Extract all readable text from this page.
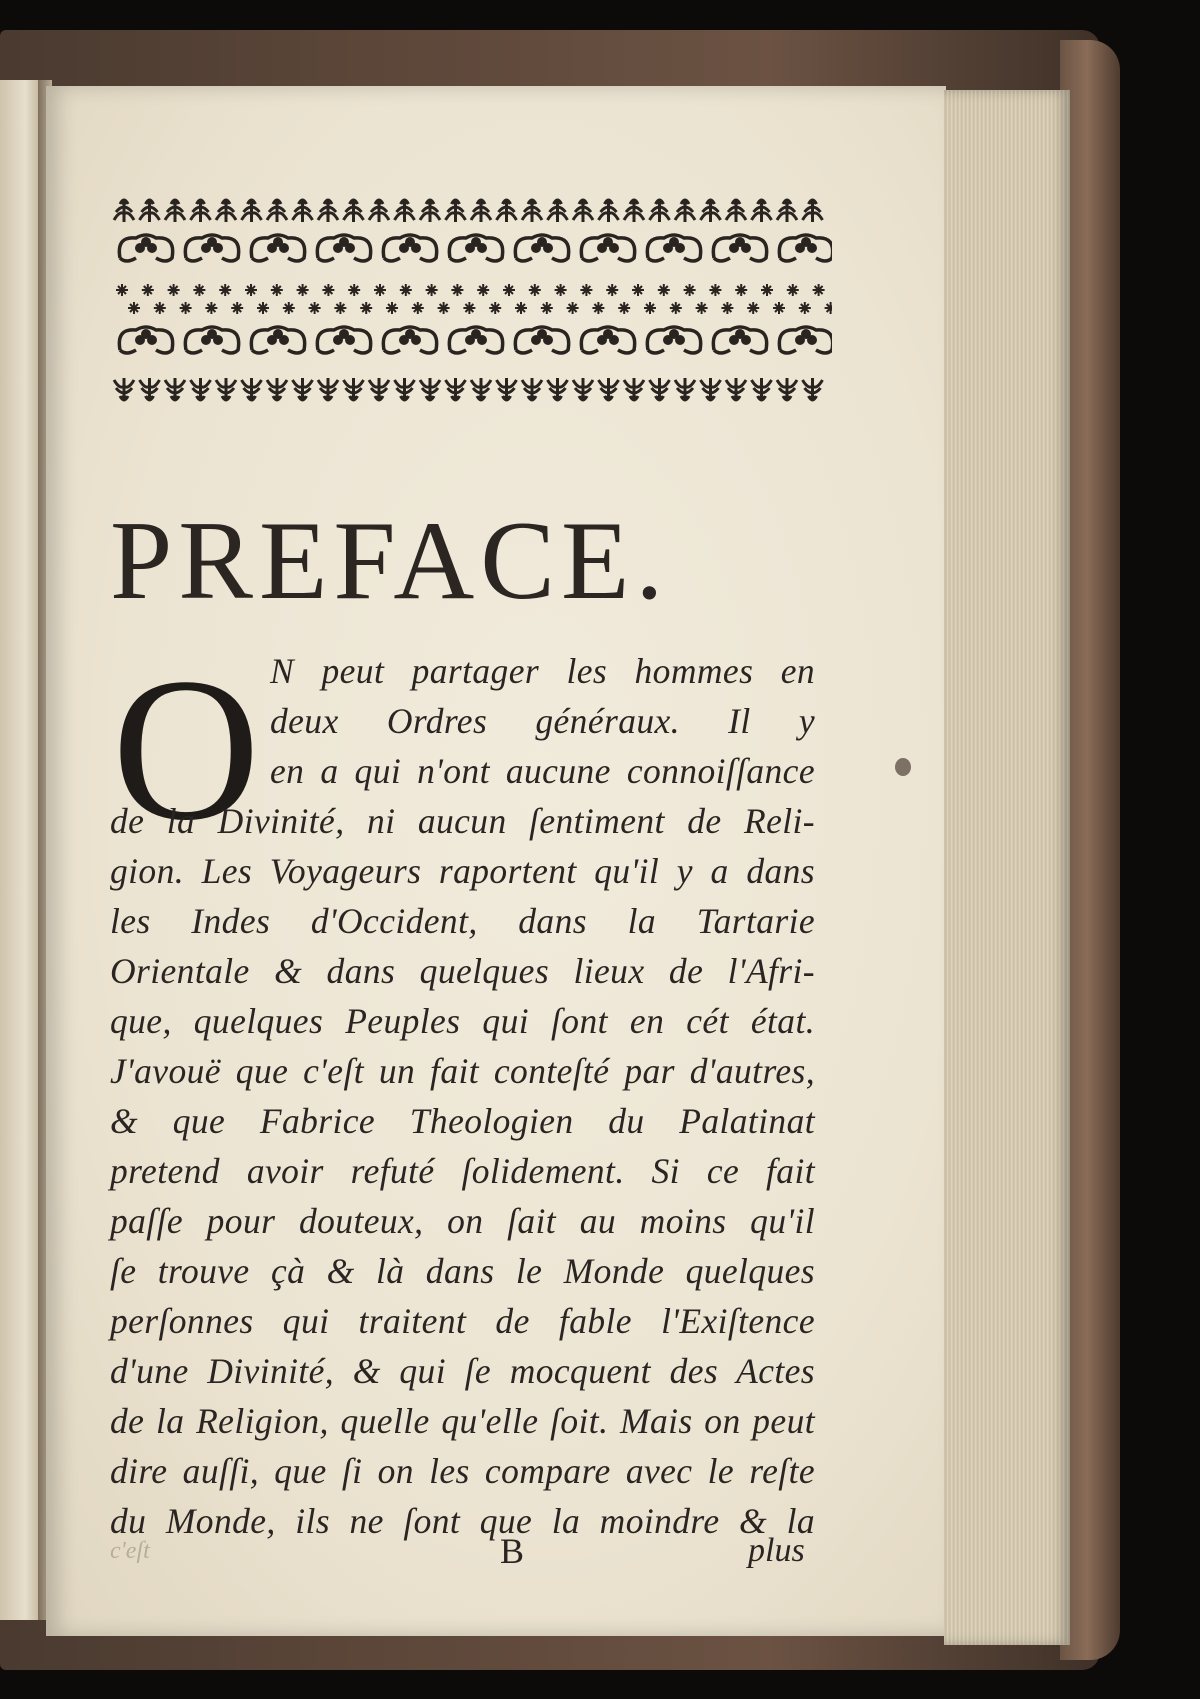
PREFACE.
O N peut partager les hommes en
deux Ordres généraux. Il y
en a qui n'ont aucune connoiſſance
de la Divinité, ni aucun ſentiment de Reli-
gion. Les Voyageurs raportent qu'il y a dans
les Indes d'Occident, dans la Tartarie
Orientale & dans quelques lieux de l'Afri-
que, quelques Peuples qui ſont en cét état.
J'avouë que c'eſt un fait conteſté par d'autres,
& que Fabrice Theologien du Palatinat
pretend avoir refuté ſolidement. Si ce fait
paſſe pour douteux, on ſait au moins qu'il
ſe trouve çà & là dans le Monde quelques
perſonnes qui traitent de fable l'Exiſtence
d'une Divinité, & qui ſe mocquent des Actes
de la Religion, quelle qu'elle ſoit. Mais on peut
dire auſſi, que ſi on les compare avec le reſte
du Monde, ils ne ſont que la moindre & la
c'eſt	B	plus
